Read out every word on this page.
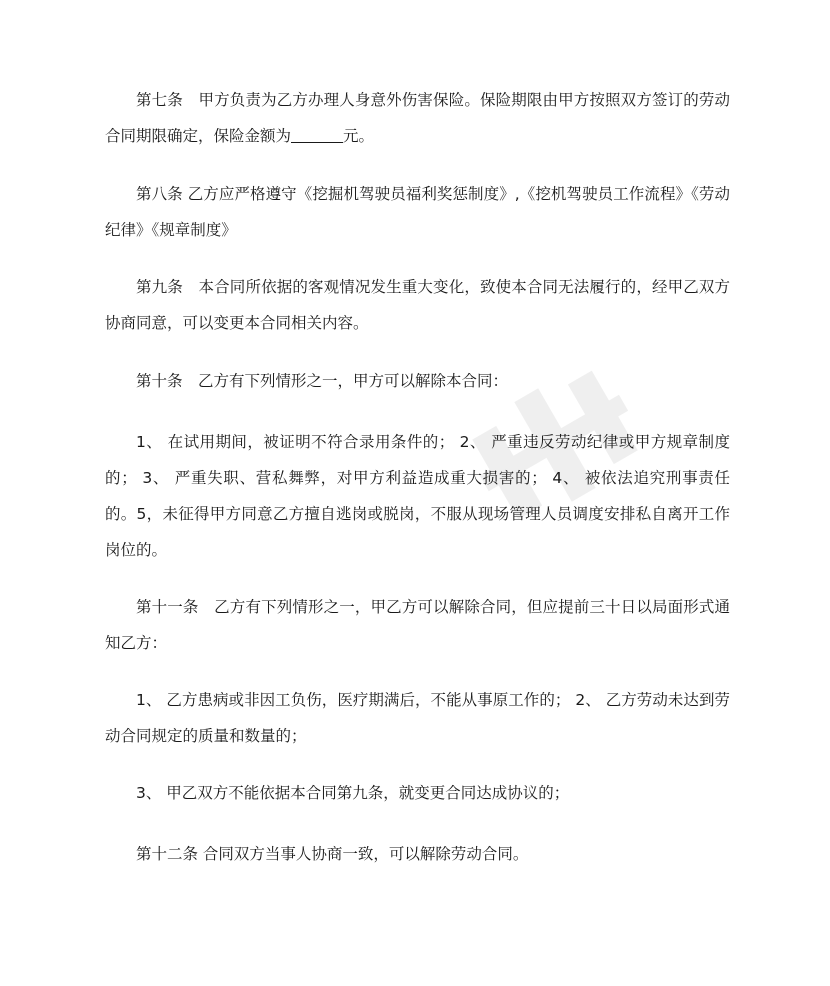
第七条　甲方负责为乙方办理人身意外伤害保险。保险期限由甲方按照双方签订的劳动合同期限确定，保险金额为	元。

第八条 乙方应严格遵守《挖掘机驾驶员福利奖惩制度》,《挖机驾驶员工作流程》《劳动纪律》《规章制度》

第九条　本合同所依据的客观情况发生重大变化，致使本合同无法履行的，经甲乙双方协商同意，可以变更本合同相关内容。

第十条　乙方有下列情形之一，甲方可以解除本合同：

1、 在试用期间，被证明不符合录用条件的； 2、 严重违反劳动纪律或甲方规章制度的； 3、 严重失职、营私舞弊，对甲方利益造成重大损害的； 4、 被依法追究刑事责任的。5，未征得甲方同意乙方擅自逃岗或脱岗，不服从现场管理人员调度安排私自离开工作岗位的。

第十一条　乙方有下列情形之一，甲乙方可以解除合同，但应提前三十日以局面形式通知乙方：

1、 乙方患病或非因工负伤，医疗期满后，不能从事原工作的； 2、 乙方劳动未达到劳动合同规定的质量和数量的；

3、 甲乙双方不能依据本合同第九条，就变更合同达成协议的；

第十二条 合同双方当事人协商一致，可以解除劳动合同。
